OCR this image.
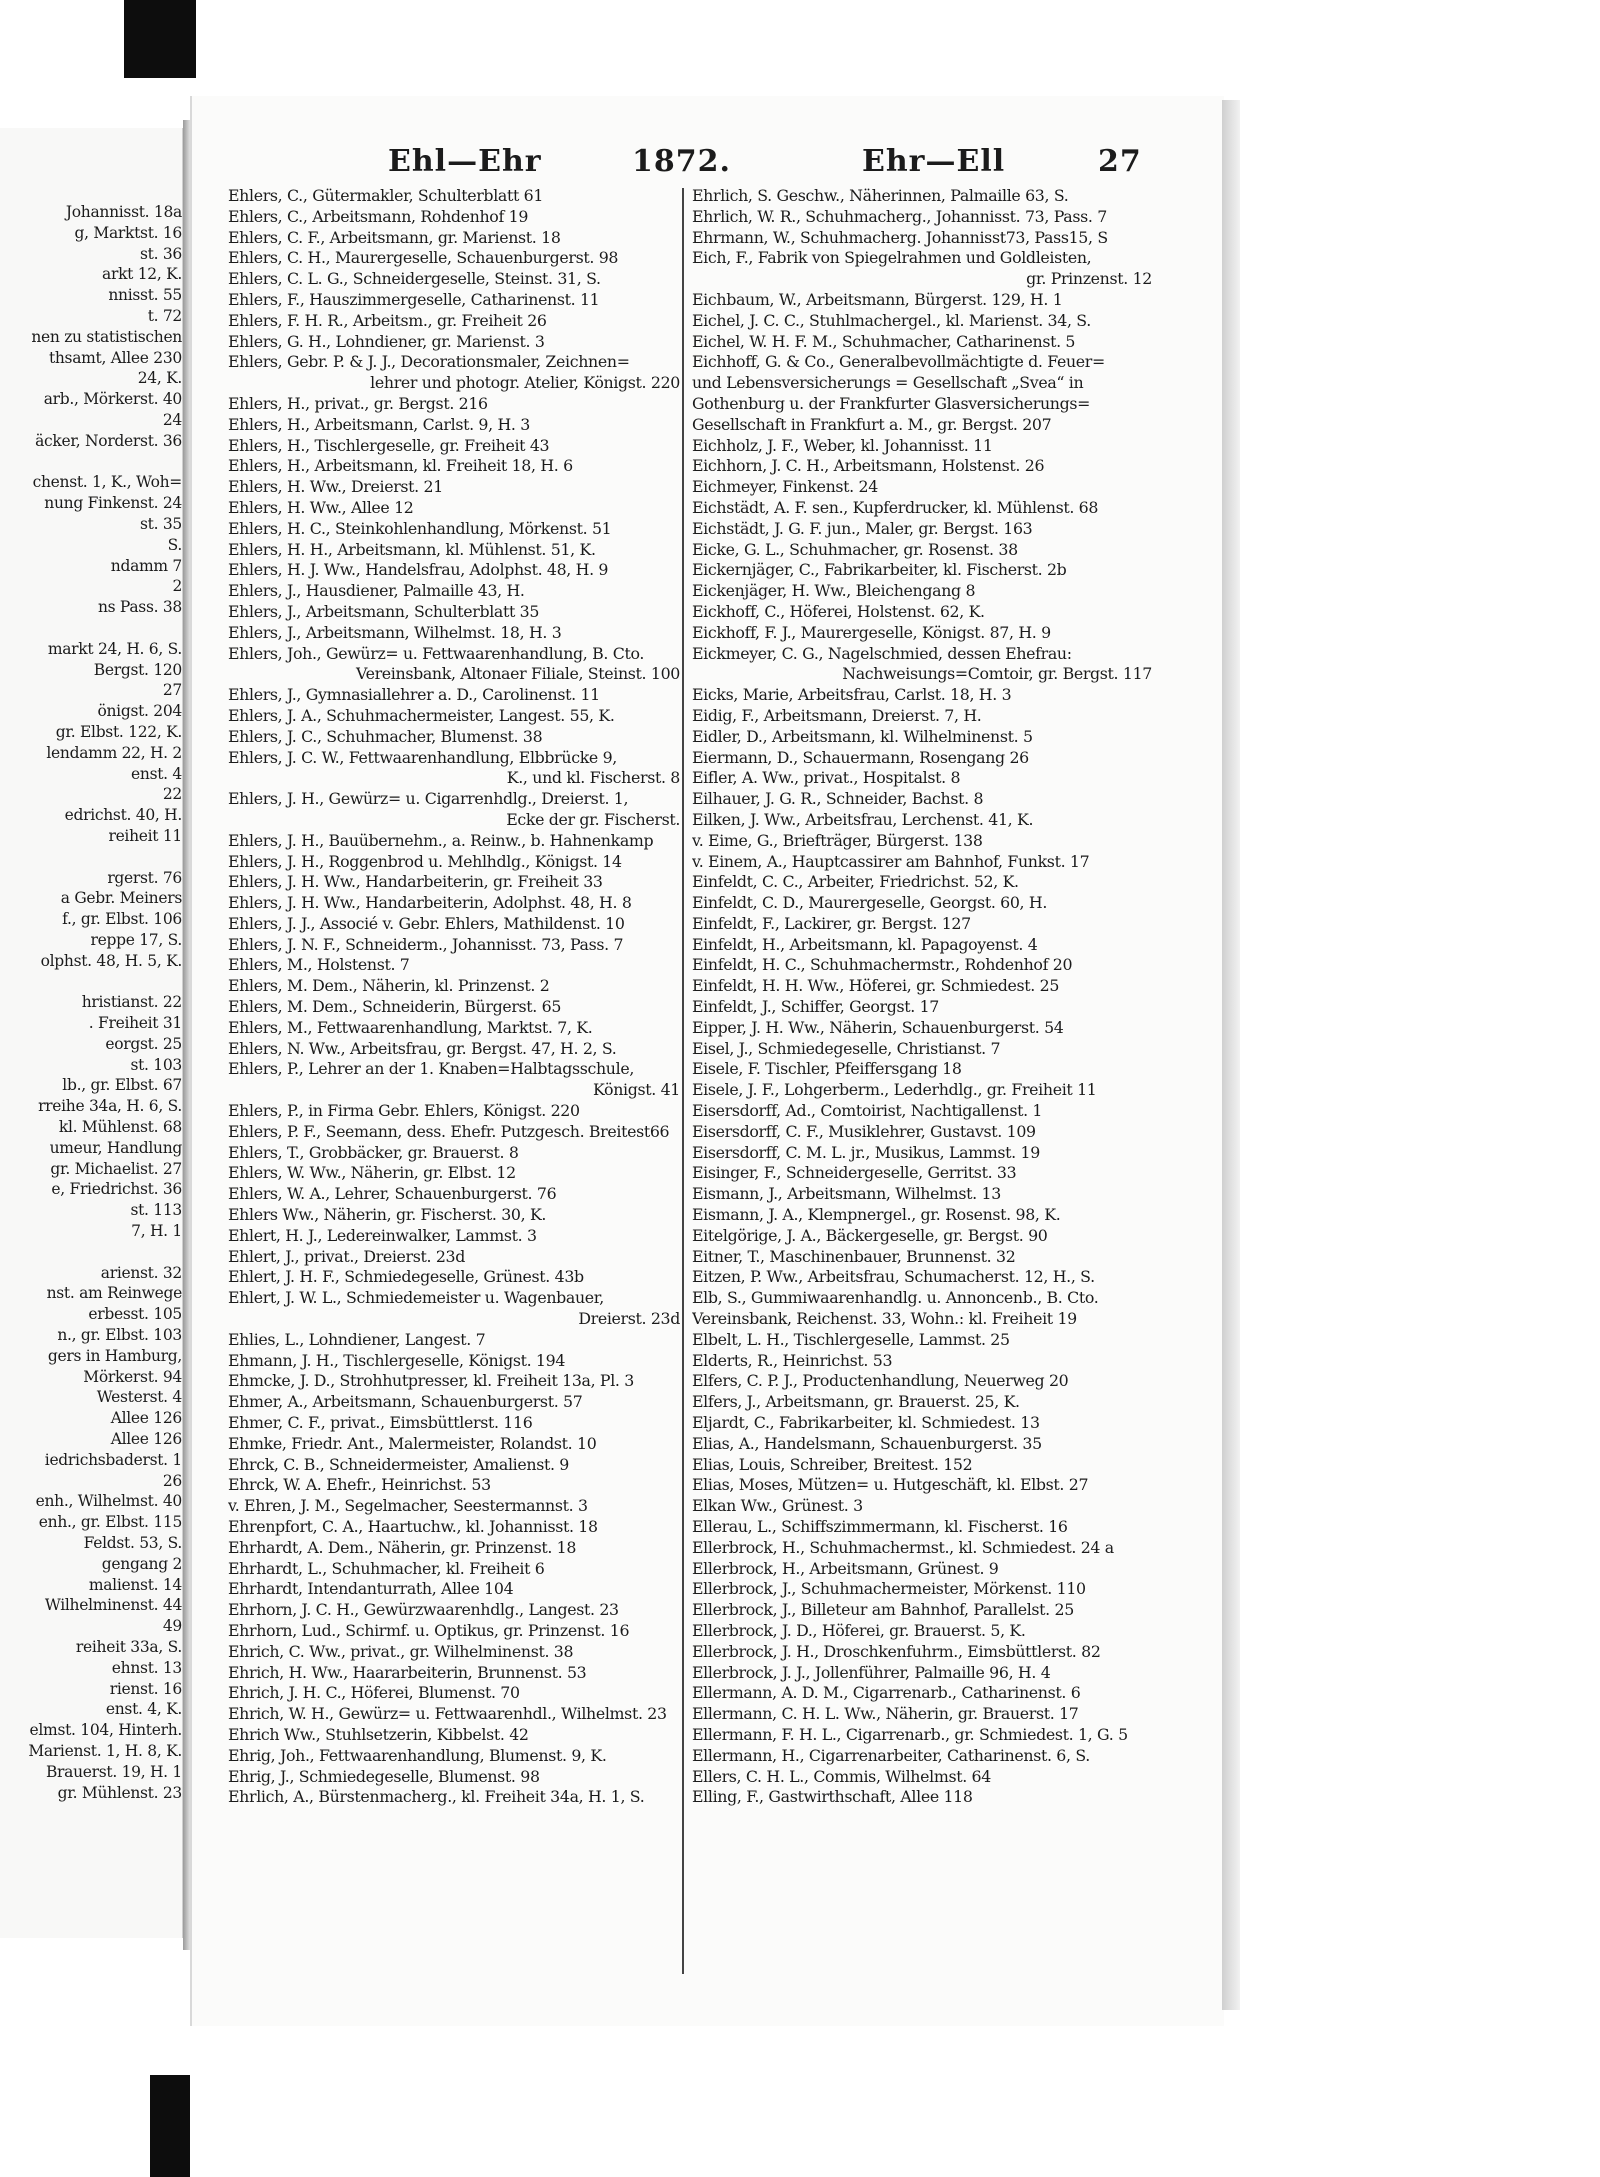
Johannisst. 18a
g, Marktst. 16
st. 36
arkt 12, K.
nnisst. 55
t. 72
nen zu statistischen
thsamt, Allee 230
24, K.
arb., Mörkerst. 40
24
äcker, Norderst. 36
chenst. 1, K., Woh=
nung Finkenst. 24
st. 35
S.
ndamm 7
2
ns Pass. 38
markt 24, H. 6, S.
Bergst. 120
27
önigst. 204
gr. Elbst. 122, K.
lendamm 22, H. 2
enst. 4
22
edrichst. 40, H.
reiheit 11
rgerst. 76
a Gebr. Meiners
f., gr. Elbst. 106
reppe 17, S.
olphst. 48, H. 5, K.
hristianst. 22
. Freiheit 31
eorgst. 25
st. 103
lb., gr. Elbst. 67
rreihe 34a, H. 6, S.
kl. Mühlenst. 68
umeur, Handlung
gr. Michaelist. 27
e, Friedrichst. 36
st. 113
7, H. 1
arienst. 32
nst. am Reinwege
erbesst. 105
n., gr. Elbst. 103
gers in Hamburg,
Mörkerst. 94
Westerst. 4
Allee 126
Allee 126
iedrichsbaderst. 1
26
enh., Wilhelmst. 40
enh., gr. Elbst. 115
Feldst. 53, S.
gengang 2
malienst. 14
Wilhelminenst. 44
49
reiheit 33a, S.
ehnst. 13
rienst. 16
enst. 4, K.
elmst. 104, Hinterh.
Marienst. 1, H. 8, K.
Brauerst. 19, H. 1
gr. Mühlenst. 23
Ehl—Ehr	1872.	Ehr—Ell	27
Ehlers, C., Gütermakler, Schulterblatt 61
Ehlers, C., Arbeitsmann, Rohdenhof 19
Ehlers, C. F., Arbeitsmann, gr. Marienst. 18
Ehlers, C. H., Maurergeselle, Schauenburgerst. 98
Ehlers, C. L. G., Schneidergeselle, Steinst. 31, S.
Ehlers, F., Hauszimmergeselle, Catharinenst. 11
Ehlers, F. H. R., Arbeitsm., gr. Freiheit 26
Ehlers, G. H., Lohndiener, gr. Marienst. 3
Ehlers, Gebr. P. & J. J., Decorationsmaler, Zeichnen=
lehrer und photogr. Atelier, Königst. 220
Ehlers, H., privat., gr. Bergst. 216
Ehlers, H., Arbeitsmann, Carlst. 9, H. 3
Ehlers, H., Tischlergeselle, gr. Freiheit 43
Ehlers, H., Arbeitsmann, kl. Freiheit 18, H. 6
Ehlers, H. Ww., Dreierst. 21
Ehlers, H. Ww., Allee 12
Ehlers, H. C., Steinkohlenhandlung, Mörkenst. 51
Ehlers, H. H., Arbeitsmann, kl. Mühlenst. 51, K.
Ehlers, H. J. Ww., Handelsfrau, Adolphst. 48, H. 9
Ehlers, J., Hausdiener, Palmaille 43, H.
Ehlers, J., Arbeitsmann, Schulterblatt 35
Ehlers, J., Arbeitsmann, Wilhelmst. 18, H. 3
Ehlers, Joh., Gewürz= u. Fettwaarenhandlung, B. Cto.
Vereinsbank, Altonaer Filiale, Steinst. 100
Ehlers, J., Gymnasiallehrer a. D., Carolinenst. 11
Ehlers, J. A., Schuhmachermeister, Langest. 55, K.
Ehlers, J. C., Schuhmacher, Blumenst. 38
Ehlers, J. C. W., Fettwaarenhandlung, Elbbrücke 9,
K., und kl. Fischerst. 8
Ehlers, J. H., Gewürz= u. Cigarrenhdlg., Dreierst. 1,
Ecke der gr. Fischerst.
Ehlers, J. H., Bauübernehm., a. Reinw., b. Hahnenkamp
Ehlers, J. H., Roggenbrod u. Mehlhdlg., Königst. 14
Ehlers, J. H. Ww., Handarbeiterin, gr. Freiheit 33
Ehlers, J. H. Ww., Handarbeiterin, Adolphst. 48, H. 8
Ehlers, J. J., Associé v. Gebr. Ehlers, Mathildenst. 10
Ehlers, J. N. F., Schneiderm., Johannisst. 73, Pass. 7
Ehlers, M., Holstenst. 7
Ehlers, M. Dem., Näherin, kl. Prinzenst. 2
Ehlers, M. Dem., Schneiderin, Bürgerst. 65
Ehlers, M., Fettwaarenhandlung, Marktst. 7, K.
Ehlers, N. Ww., Arbeitsfrau, gr. Bergst. 47, H. 2, S.
Ehlers, P., Lehrer an der 1. Knaben=Halbtagsschule,
Königst. 41
Ehlers, P., in Firma Gebr. Ehlers, Königst. 220
Ehlers, P. F., Seemann, dess. Ehefr. Putzgesch. Breitest66
Ehlers, T., Grobbäcker, gr. Brauerst. 8
Ehlers, W. Ww., Näherin, gr. Elbst. 12
Ehlers, W. A., Lehrer, Schauenburgerst. 76
Ehlers Ww., Näherin, gr. Fischerst. 30, K.
Ehlert, H. J., Ledereinwalker, Lammst. 3
Ehlert, J., privat., Dreierst. 23d
Ehlert, J. H. F., Schmiedegeselle, Grünest. 43b
Ehlert, J. W. L., Schmiedemeister u. Wagenbauer,
Dreierst. 23d
Ehlies, L., Lohndiener, Langest. 7
Ehmann, J. H., Tischlergeselle, Königst. 194
Ehmcke, J. D., Strohhutpresser, kl. Freiheit 13a, Pl. 3
Ehmer, A., Arbeitsmann, Schauenburgerst. 57
Ehmer, C. F., privat., Eimsbüttlerst. 116
Ehmke, Friedr. Ant., Malermeister, Rolandst. 10
Ehrck, C. B., Schneidermeister, Amalienst. 9
Ehrck, W. A. Ehefr., Heinrichst. 53
v. Ehren, J. M., Segelmacher, Seestermannst. 3
Ehrenpfort, C. A., Haartuchw., kl. Johannisst. 18
Ehrhardt, A. Dem., Näherin, gr. Prinzenst. 18
Ehrhardt, L., Schuhmacher, kl. Freiheit 6
Ehrhardt, Intendanturrath, Allee 104
Ehrhorn, J. C. H., Gewürzwaarenhdlg., Langest. 23
Ehrhorn, Lud., Schirmf. u. Optikus, gr. Prinzenst. 16
Ehrich, C. Ww., privat., gr. Wilhelminenst. 38
Ehrich, H. Ww., Haararbeiterin, Brunnenst. 53
Ehrich, J. H. C., Höferei, Blumenst. 70
Ehrich, W. H., Gewürz= u. Fettwaarenhdl., Wilhelmst. 23
Ehrich Ww., Stuhlsetzerin, Kibbelst. 42
Ehrig, Joh., Fettwaarenhandlung, Blumenst. 9, K.
Ehrig, J., Schmiedegeselle, Blumenst. 98
Ehrlich, A., Bürstenmacherg., kl. Freiheit 34a, H. 1, S.
Ehrlich, S. Geschw., Näherinnen, Palmaille 63, S.
Ehrlich, W. R., Schuhmacherg., Johannisst. 73, Pass. 7
Ehrmann, W., Schuhmacherg. Johannisst73, Pass15, S
Eich, F., Fabrik von Spiegelrahmen und Goldleisten,
gr. Prinzenst. 12
Eichbaum, W., Arbeitsmann, Bürgerst. 129, H. 1
Eichel, J. C. C., Stuhlmachergel., kl. Marienst. 34, S.
Eichel, W. H. F. M., Schuhmacher, Catharinenst. 5
Eichhoff, G. & Co., Generalbevollmächtigte d. Feuer=
und Lebensversicherungs = Gesellschaft „Svea“ in
Gothenburg u. der Frankfurter Glasversicherungs=
Gesellschaft in Frankfurt a. M., gr. Bergst. 207
Eichholz, J. F., Weber, kl. Johannisst. 11
Eichhorn, J. C. H., Arbeitsmann, Holstenst. 26
Eichmeyer, Finkenst. 24
Eichstädt, A. F. sen., Kupferdrucker, kl. Mühlenst. 68
Eichstädt, J. G. F. jun., Maler, gr. Bergst. 163
Eicke, G. L., Schuhmacher, gr. Rosenst. 38
Eickernjäger, C., Fabrikarbeiter, kl. Fischerst. 2b
Eickenjäger, H. Ww., Bleichengang 8
Eickhoff, C., Höferei, Holstenst. 62, K.
Eickhoff, F. J., Maurergeselle, Königst. 87, H. 9
Eickmeyer, C. G., Nagelschmied, dessen Ehefrau:
Nachweisungs=Comtoir, gr. Bergst. 117
Eicks, Marie, Arbeitsfrau, Carlst. 18, H. 3
Eidig, F., Arbeitsmann, Dreierst. 7, H.
Eidler, D., Arbeitsmann, kl. Wilhelminenst. 5
Eiermann, D., Schauermann, Rosengang 26
Eifler, A. Ww., privat., Hospitalst. 8
Eilhauer, J. G. R., Schneider, Bachst. 8
Eilken, J. Ww., Arbeitsfrau, Lerchenst. 41, K.
v. Eime, G., Briefträger, Bürgerst. 138
v. Einem, A., Hauptcassirer am Bahnhof, Funkst. 17
Einfeldt, C. C., Arbeiter, Friedrichst. 52, K.
Einfeldt, C. D., Maurergeselle, Georgst. 60, H.
Einfeldt, F., Lackirer, gr. Bergst. 127
Einfeldt, H., Arbeitsmann, kl. Papagoyenst. 4
Einfeldt, H. C., Schuhmachermstr., Rohdenhof 20
Einfeldt, H. H. Ww., Höferei, gr. Schmiedest. 25
Einfeldt, J., Schiffer, Georgst. 17
Eipper, J. H. Ww., Näherin, Schauenburgerst. 54
Eisel, J., Schmiedegeselle, Christianst. 7
Eisele, F. Tischler, Pfeiffersgang 18
Eisele, J. F., Lohgerberm., Lederhdlg., gr. Freiheit 11
Eisersdorff, Ad., Comtoirist, Nachtigallenst. 1
Eisersdorff, C. F., Musiklehrer, Gustavst. 109
Eisersdorff, C. M. L. jr., Musikus, Lammst. 19
Eisinger, F., Schneidergeselle, Gerritst. 33
Eismann, J., Arbeitsmann, Wilhelmst. 13
Eismann, J. A., Klempnergel., gr. Rosenst. 98, K.
Eitelgörige, J. A., Bäckergeselle, gr. Bergst. 90
Eitner, T., Maschinenbauer, Brunnenst. 32
Eitzen, P. Ww., Arbeitsfrau, Schumacherst. 12, H., S.
Elb, S., Gummiwaarenhandlg. u. Annoncenb., B. Cto.
Vereinsbank, Reichenst. 33, Wohn.: kl. Freiheit 19
Elbelt, L. H., Tischlergeselle, Lammst. 25
Elderts, R., Heinrichst. 53
Elfers, C. P. J., Productenhandlung, Neuerweg 20
Elfers, J., Arbeitsmann, gr. Brauerst. 25, K.
Eljardt, C., Fabrikarbeiter, kl. Schmiedest. 13
Elias, A., Handelsmann, Schauenburgerst. 35
Elias, Louis, Schreiber, Breitest. 152
Elias, Moses, Mützen= u. Hutgeschäft, kl. Elbst. 27
Elkan Ww., Grünest. 3
Ellerau, L., Schiffszimmermann, kl. Fischerst. 16
Ellerbrock, H., Schuhmachermst., kl. Schmiedest. 24 a
Ellerbrock, H., Arbeitsmann, Grünest. 9
Ellerbrock, J., Schuhmachermeister, Mörkenst. 110
Ellerbrock, J., Billeteur am Bahnhof, Parallelst. 25
Ellerbrock, J. D., Höferei, gr. Brauerst. 5, K.
Ellerbrock, J. H., Droschkenfuhrm., Eimsbüttlerst. 82
Ellerbrock, J. J., Jollenführer, Palmaille 96, H. 4
Ellermann, A. D. M., Cigarrenarb., Catharinenst. 6
Ellermann, C. H. L. Ww., Näherin, gr. Brauerst. 17
Ellermann, F. H. L., Cigarrenarb., gr. Schmiedest. 1, G. 5
Ellermann, H., Cigarrenarbeiter, Catharinenst. 6, S.
Ellers, C. H. L., Commis, Wilhelmst. 64
Elling, F., Gastwirthschaft, Allee 118
